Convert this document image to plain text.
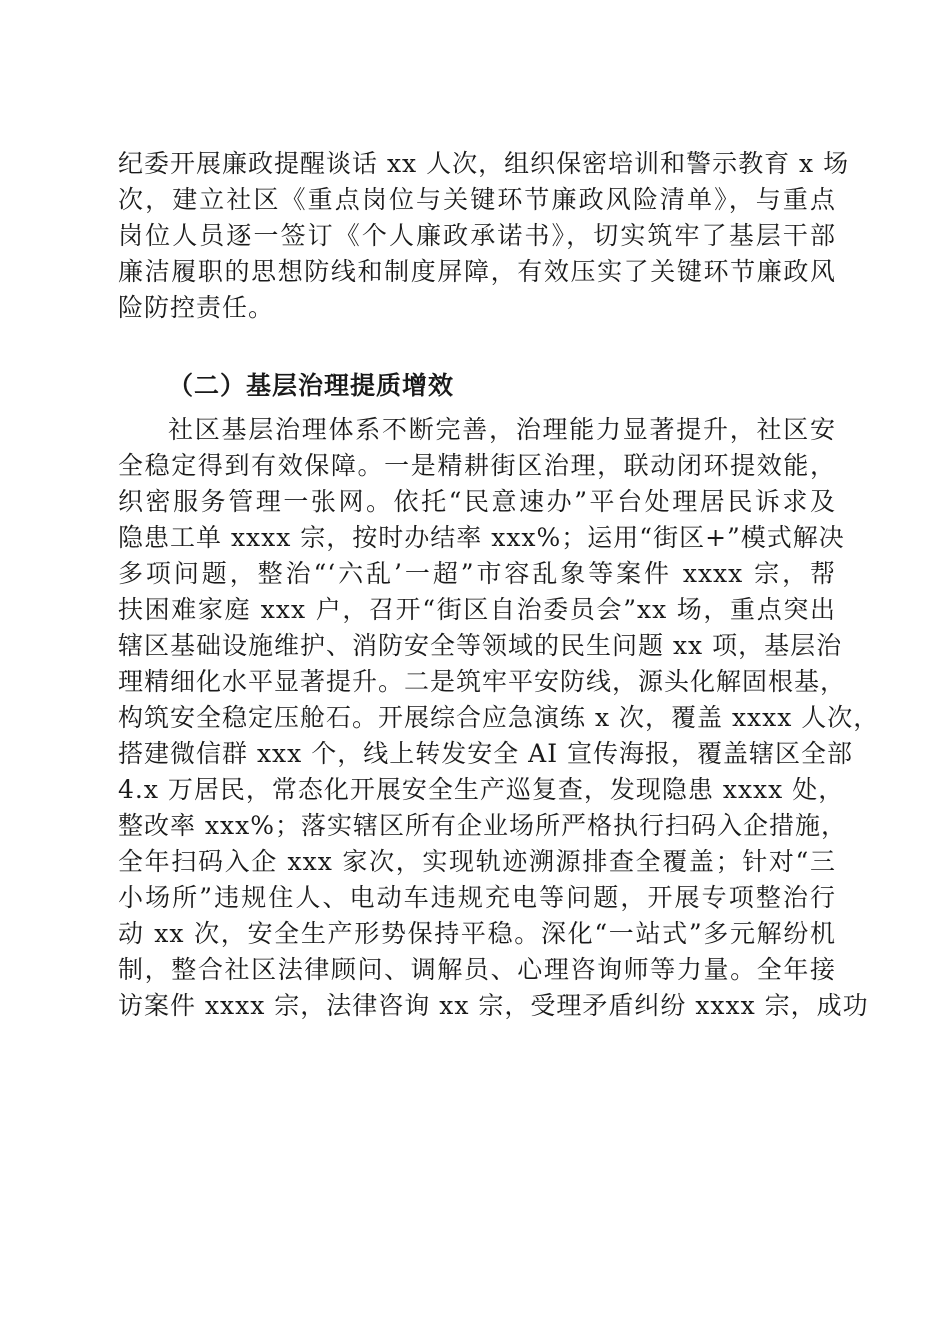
纪委开展廉政提醒谈话 xx 人次，组织保密培训和警示教育 x 场
次，建立社区《重点岗位与关键环节廉政风险清单》，与重点
岗位人员逐一签订《个人廉政承诺书》，切实筑牢了基层干部
廉洁履职的思想防线和制度屏障，有效压实了关键环节廉政风
险防控责任。
（二）基层治理提质增效
社区基层治理体系不断完善，治理能力显著提升，社区安
全稳定得到有效保障。一是精耕街区治理，联动闭环提效能，
织密服务管理一张网。依托“民意速办”平台处理居民诉求及
隐患工单 xxxx 宗，按时办结率 xxx%；运用“街区+”模式解决
多项问题，整治“‘六乱’一超”市容乱象等案件 xxxx 宗，帮
扶困难家庭 xxx 户，召开“街区自治委员会”xx 场，重点突出
辖区基础设施维护、消防安全等领域的民生问题 xx 项，基层治
理精细化水平显著提升。二是筑牢平安防线，源头化解固根基，
构筑安全稳定压舱石。开展综合应急演练 x 次，覆盖 xxxx 人次，
搭建微信群 xxx 个，线上转发安全 AI 宣传海报，覆盖辖区全部
4.x 万居民，常态化开展安全生产巡复查，发现隐患 xxxx 处，
整改率 xxx%；落实辖区所有企业场所严格执行扫码入企措施，
全年扫码入企 xxx 家次，实现轨迹溯源排查全覆盖；针对“三
小场所”违规住人、电动车违规充电等问题，开展专项整治行
动 xx 次，安全生产形势保持平稳。深化“一站式”多元解纷机
制，整合社区法律顾问、调解员、心理咨询师等力量。全年接
访案件 xxxx 宗，法律咨询 xx 宗，受理矛盾纠纷 xxxx 宗，成功
